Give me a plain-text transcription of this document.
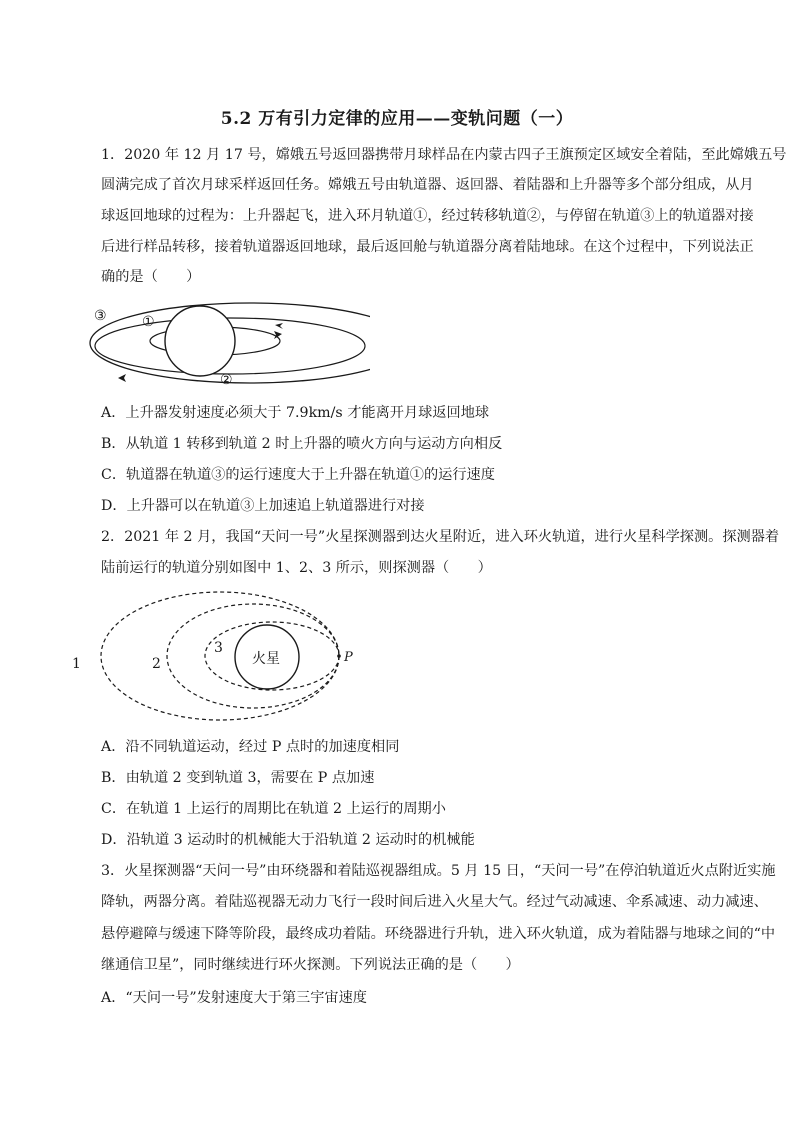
5.2 万有引力定律的应用——变轨问题（一）
1．2020 年 12 月 17 号，嫦娥五号返回器携带月球样品在内蒙古四子王旗预定区域安全着陆，至此嫦娥五号
圆满完成了首次月球采样返回任务。嫦娥五号由轨道器、返回器、着陆器和上升器等多个部分组成，从月
球返回地球的过程为：上升器起飞，进入环月轨道①，经过转移轨道②，与停留在轨道③上的轨道器对接
后进行样品转移，接着轨道器返回地球，最后返回舱与轨道器分离着陆地球。在这个过程中，下列说法正
确的是（　　）
③	①
②
A．上升器发射速度必须大于 7.9km/s 才能离开月球返回地球
B．从轨道 1 转移到轨道 2 时上升器的喷火方向与运动方向相反
C．轨道器在轨道③的运行速度大于上升器在轨道①的运行速度
D．上升器可以在轨道③上加速追上轨道器进行对接
2．2021 年 2 月，我国“天问一号”火星探测器到达火星附近，进入环火轨道，进行火星科学探测。探测器着
陆前运行的轨道分别如图中 1、2、3 所示，则探测器（　　）
火星	P
1	2
3
A．沿不同轨道运动，经过 P 点时的加速度相同
B．由轨道 2 变到轨道 3，需要在 P 点加速
C．在轨道 1 上运行的周期比在轨道 2 上运行的周期小
D．沿轨道 3 运动时的机械能大于沿轨道 2 运动时的机械能
3．火星探测器“天问一号”由环绕器和着陆巡视器组成。5 月 15 日，“天问一号”在停泊轨道近火点附近实施
降轨，两器分离。着陆巡视器无动力飞行一段时间后进入火星大气。经过气动减速、伞系减速、动力减速、
悬停避障与缓速下降等阶段，最终成功着陆。环绕器进行升轨，进入环火轨道，成为着陆器与地球之间的“中
继通信卫星”，同时继续进行环火探测。下列说法正确的是（　　）
A．“天问一号”发射速度大于第三宇宙速度
